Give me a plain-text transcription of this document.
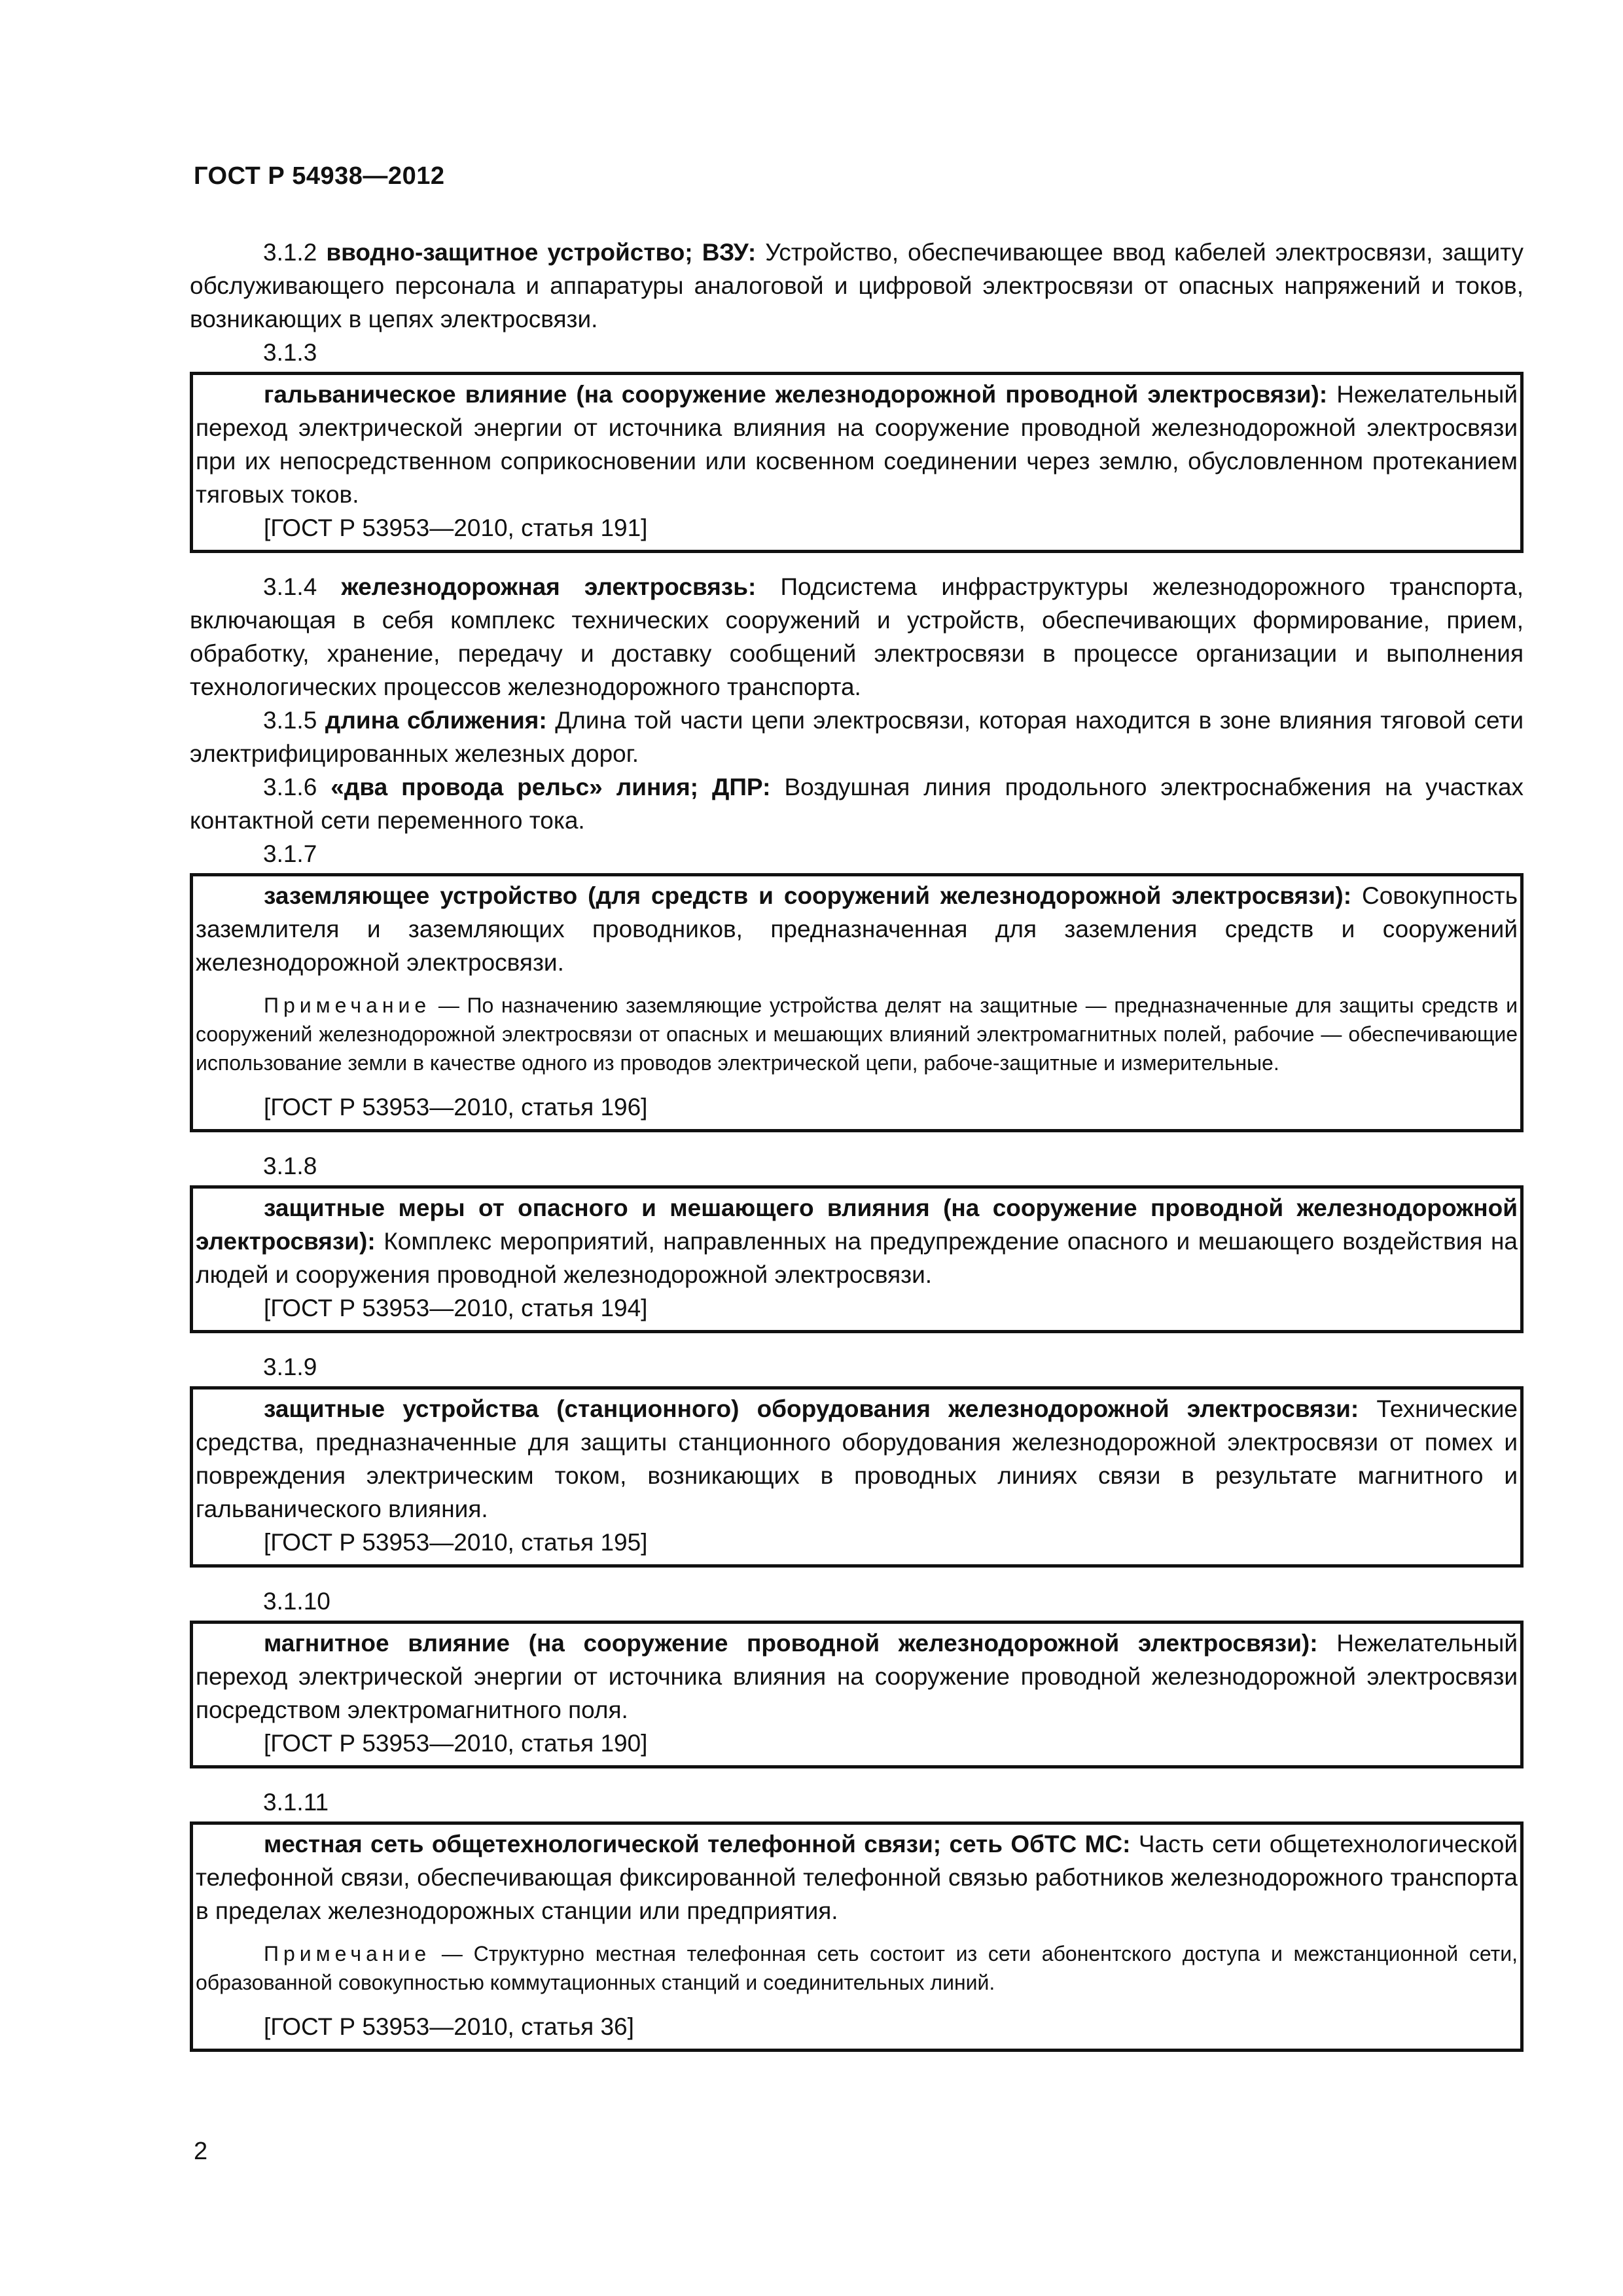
ГОСТ Р 54938—2012

3.1.2 вводно-защитное устройство; ВЗУ: Устройство, обеспечивающее ввод кабелей электросвязи, защиту обслуживающего персонала и аппаратуры аналоговой и цифровой электросвязи от опасных напряжений и токов, возникающих в цепях электросвязи.

3.1.3

гальваническое влияние (на сооружение железнодорожной проводной электросвязи): Нежелательный переход электрической энергии от источника влияния на сооружение проводной железнодорожной электросвязи при их непосредственном соприкосновении или косвенном соединении через землю, обусловленном протеканием тяговых токов.

[ГОСТ Р 53953—2010, статья 191]

3.1.4 железнодорожная электросвязь: Подсистема инфраструктуры железнодорожного транспорта, включающая в себя комплекс технических сооружений и устройств, обеспечивающих формирование, прием, обработку, хранение, передачу и доставку сообщений электросвязи в процессе организации и выполнения технологических процессов железнодорожного транспорта.

3.1.5 длина сближения: Длина той части цепи электросвязи, которая находится в зоне влияния тяговой сети электрифицированных железных дорог.

3.1.6 «два провода рельс» линия; ДПР: Воздушная линия продольного электроснабжения на участках контактной сети переменного тока.

3.1.7

заземляющее устройство (для средств и сооружений железнодорожной электросвязи): Совокупность заземлителя и заземляющих проводников, предназначенная для заземления средств и сооружений железнодорожной электросвязи.

Примечание — По назначению заземляющие устройства делят на защитные — предназначенные для защиты средств и сооружений железнодорожной электросвязи от опасных и мешающих влияний электромагнитных полей, рабочие — обеспечивающие использование земли в качестве одного из проводов электрической цепи, рабоче-защитные и измерительные.

[ГОСТ Р 53953—2010, статья 196]
3.1.8

защитные меры от опасного и мешающего влияния (на сооружение проводной железнодорожной электросвязи): Комплекс мероприятий, направленных на предупреждение опасного и мешающего воздействия на людей и сооружения проводной железнодорожной электросвязи.

[ГОСТ Р 53953—2010, статья 194]
3.1.9

защитные устройства (станционного) оборудования железнодорожной электросвязи: Технические средства, предназначенные для защиты станционного оборудования железнодорожной электросвязи от помех и повреждения электрическим током, возникающих в проводных линиях связи в результате магнитного и гальванического влияния.

[ГОСТ Р 53953—2010, статья 195]
3.1.10

магнитное влияние (на сооружение проводной железнодорожной электросвязи): Нежелательный переход электрической энергии от источника влияния на сооружение проводной железнодорожной электросвязи посредством электромагнитного поля.

[ГОСТ Р 53953—2010, статья 190]
3.1.11

местная сеть общетехнологической телефонной связи; сеть ОбТС МС: Часть сети общетехнологической телефонной связи, обеспечивающая фиксированной телефонной связью работников железнодорожного транспорта в пределах железнодорожных станции или предприятия.

Примечание — Структурно местная телефонная сеть состоит из сети абонентского доступа и межстанционной сети, образованной совокупностью коммутационных станций и соединительных линий.

[ГОСТ Р 53953—2010, статья 36]
2
